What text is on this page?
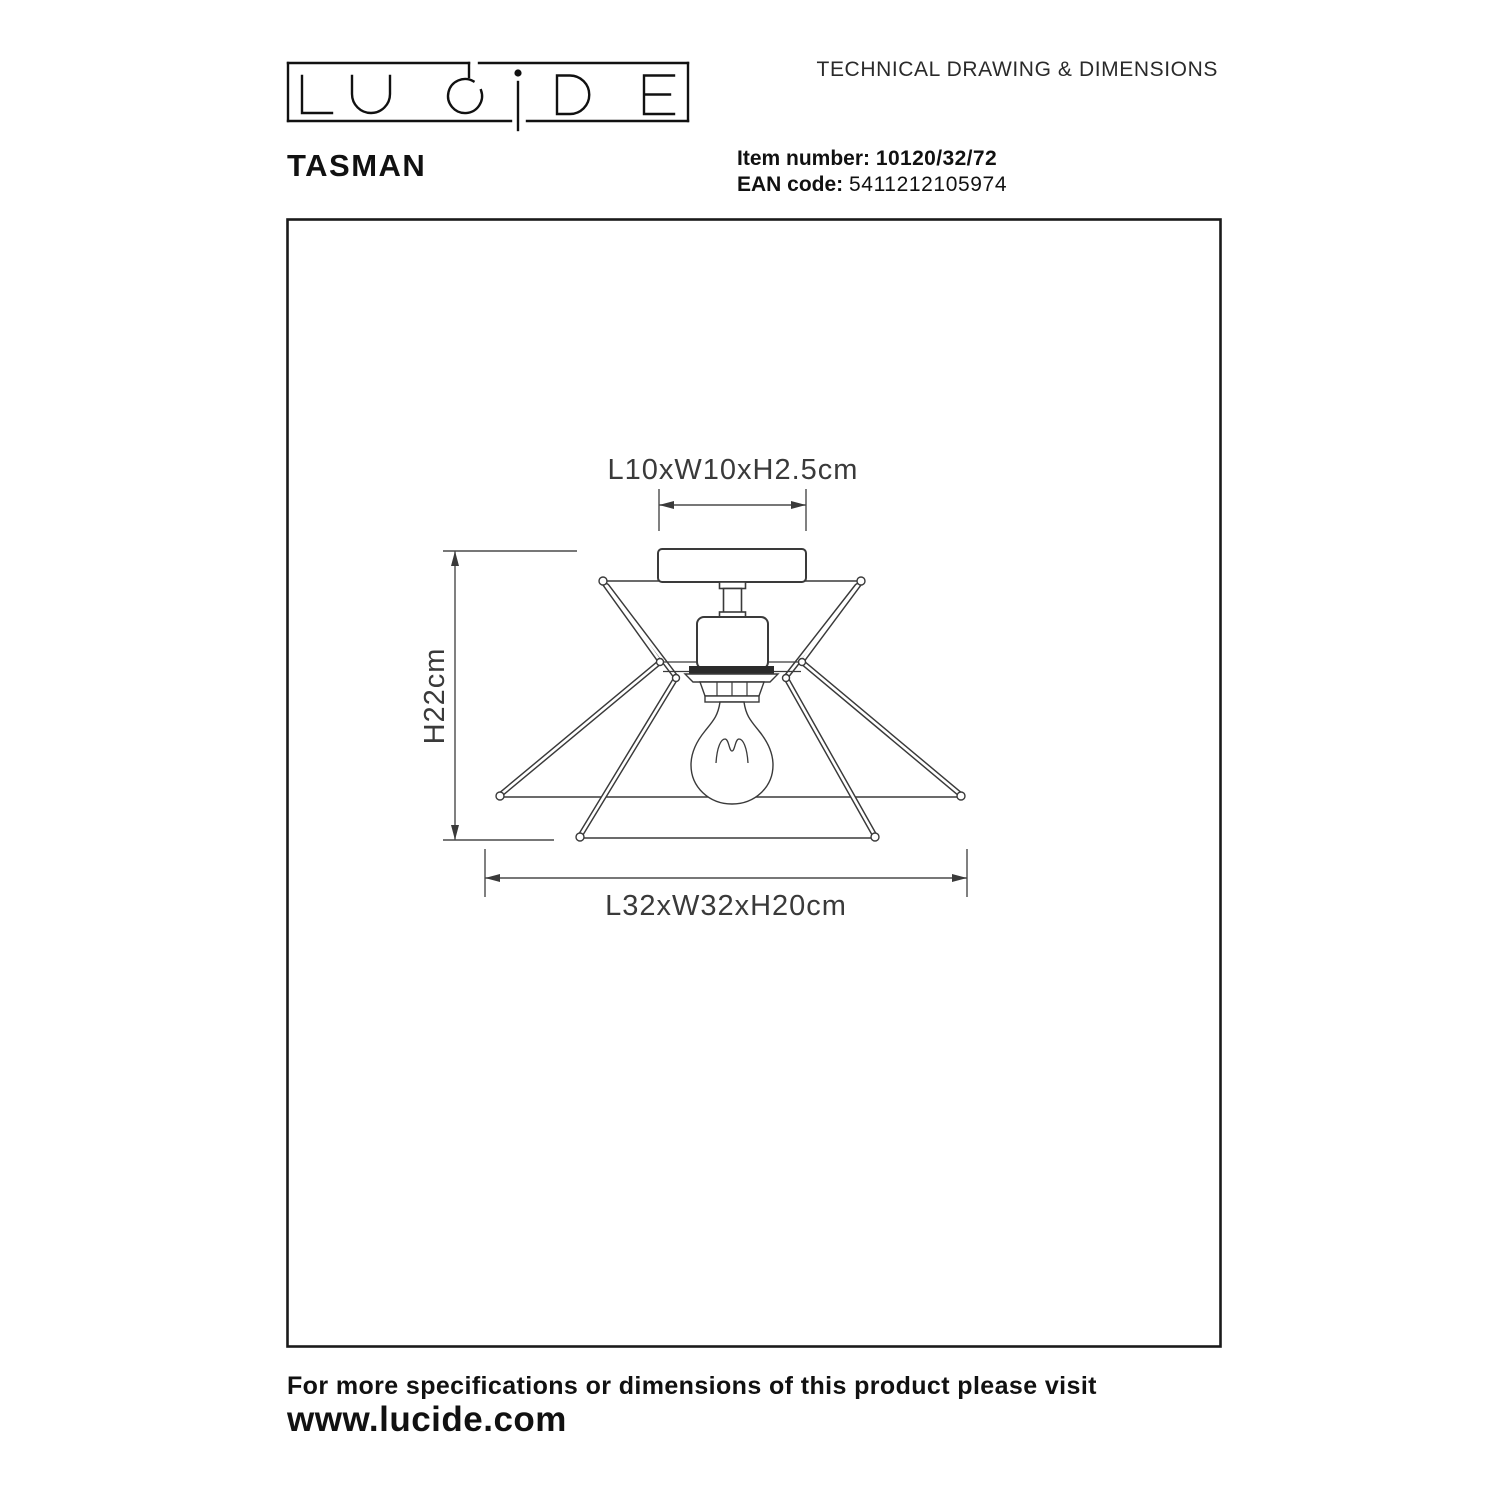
TECHNICAL DRAWING & DIMENSIONS
TASMAN	Item number: 10120/32/72
EAN code: 5411212105974
L10xW10xH2.5cm
H22cm
L32xW32xH20cm
For more specifications or dimensions of this product please visit
www.lucide.com
